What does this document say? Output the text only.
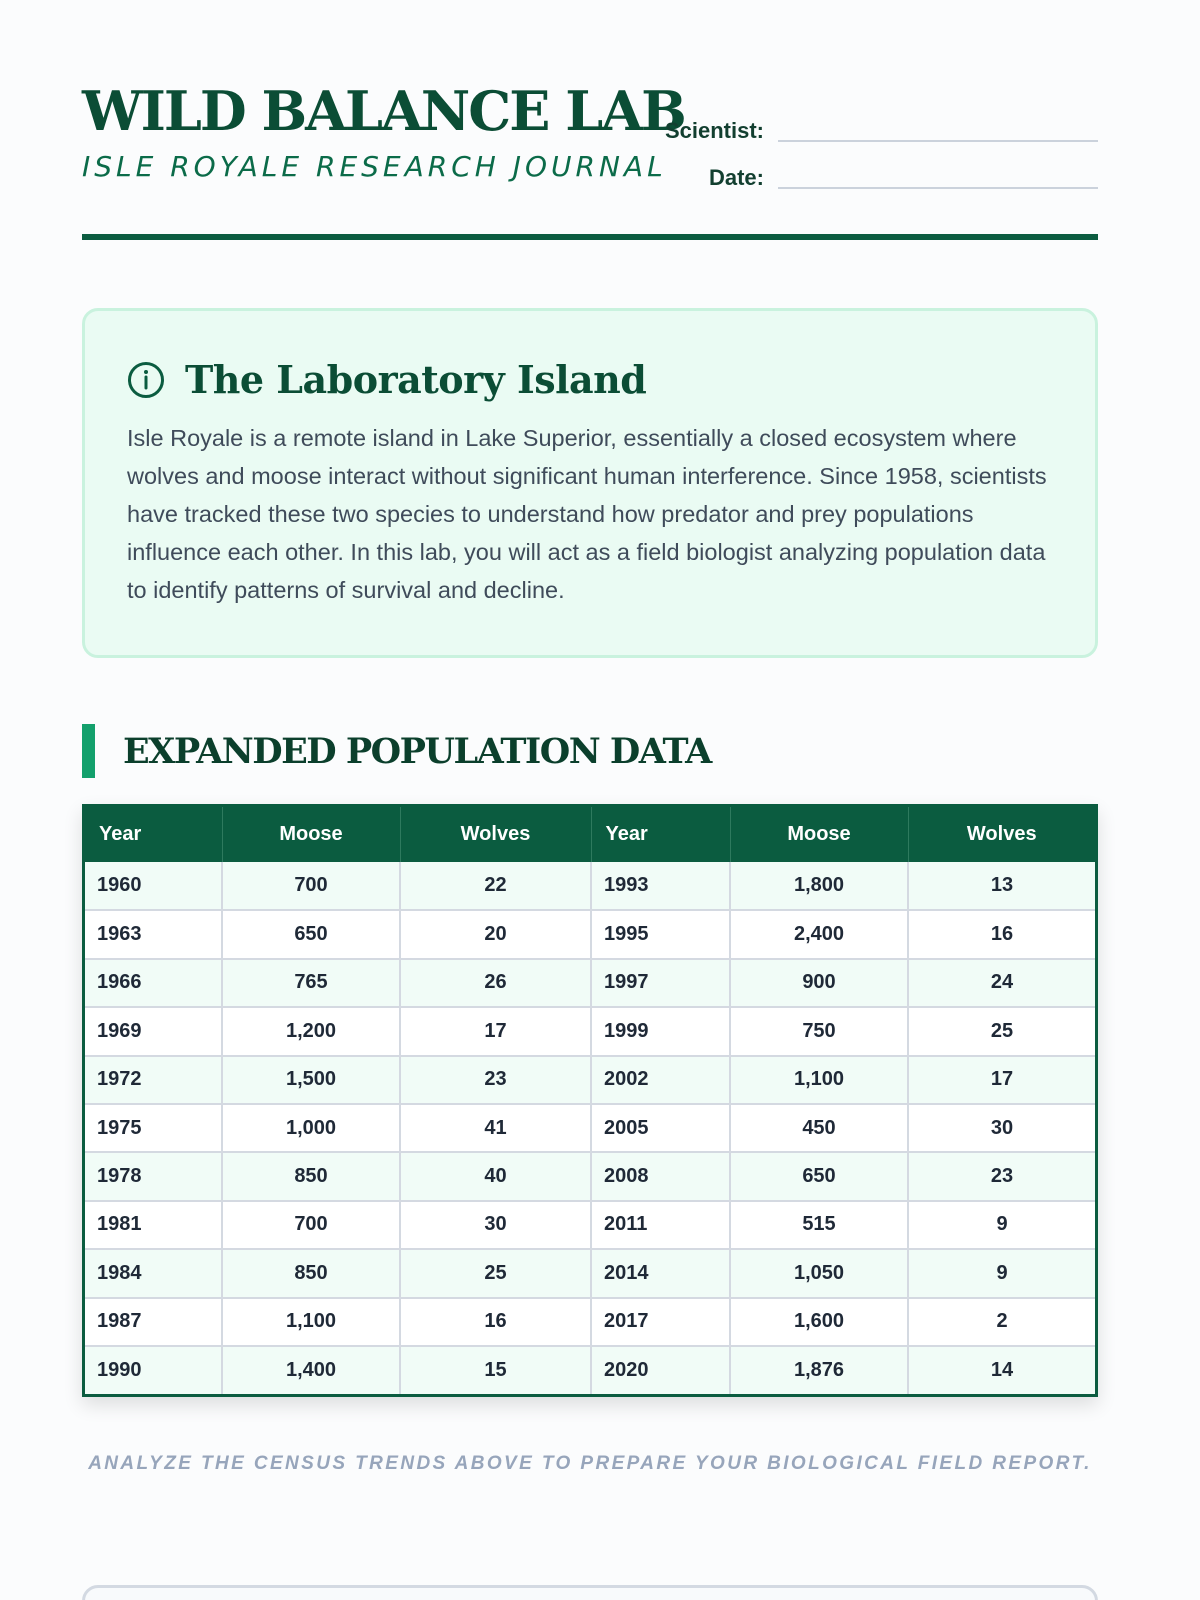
WILD BALANCE LAB
ISLE ROYALE RESEARCH JOURNAL
Scientist:
Date:
The Laboratory Island

Isle Royale is a remote island in Lake Superior, essentially a closed ecosystem where wolves and moose interact without significant human interference. Since 1958, scientists have tracked these two species to understand how predator and prey populations influence each other. In this lab, you will act as a field biologist analyzing population data to identify patterns of survival and decline.

EXPANDED POPULATION DATA
Year	Moose	Wolves	Year	Moose	Wolves
1960	700	22	1993	1,800	13
1963	650	20	1995	2,400	16
1966	765	26	1997	900	24
1969	1,200	17	1999	750	25
1972	1,500	23	2002	1,100	17
1975	1,000	41	2005	450	30
1978	850	40	2008	650	23
1981	700	30	2011	515	9
1984	850	25	2014	1,050	9
1987	1,100	16	2017	1,600	2
1990	1,400	15	2020	1,876	14

ANALYZE THE CENSUS TRENDS ABOVE TO PREPARE YOUR BIOLOGICAL FIELD REPORT.
